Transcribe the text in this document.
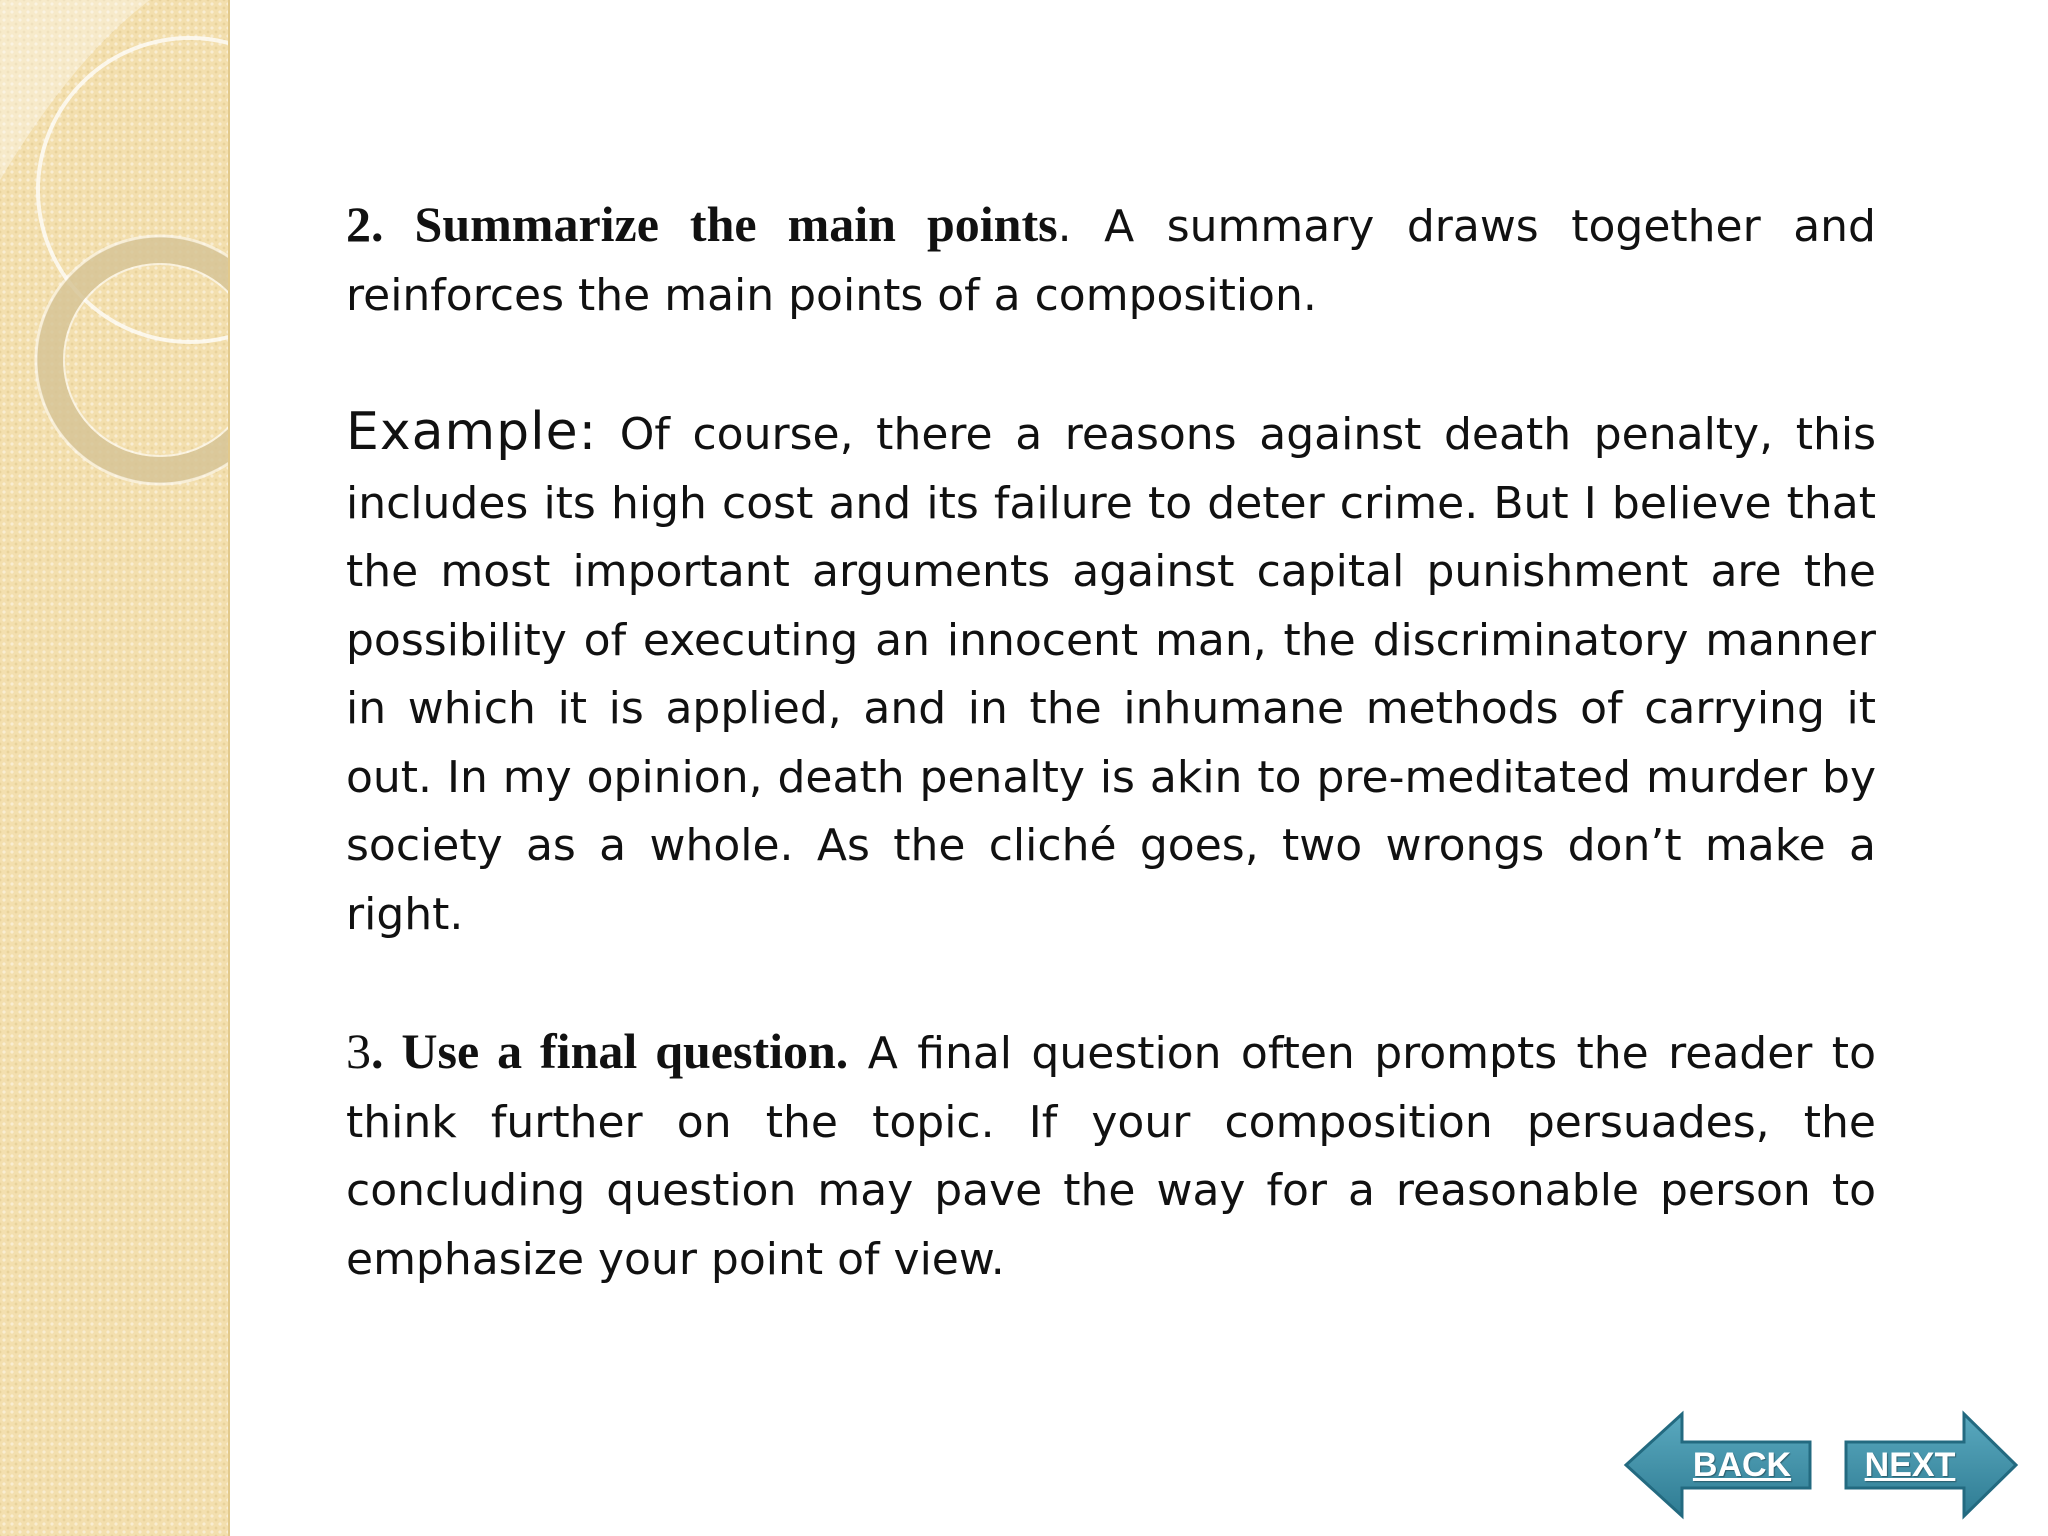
2. Summarize the main points. A summary draws together and reinforces the main points of a composition.

Example: Of course, there a reasons against death penalty, this includes its high cost and its failure to deter crime. But I believe that the most important arguments against capital punishment are the possibility of executing an innocent man, the discriminatory manner in which it is applied, and in the inhumane methods of carrying it out. In my opinion, death penalty is akin to pre-meditated murder by society as a whole. As the cliché goes, two wrongs don’t make a right.

3. Use a final question. A final question often prompts the reader to think further on the topic. If your composition persuades, the concluding question may pave the way for a reasonable person to emphasize your point of view.

BACK	NEXT
